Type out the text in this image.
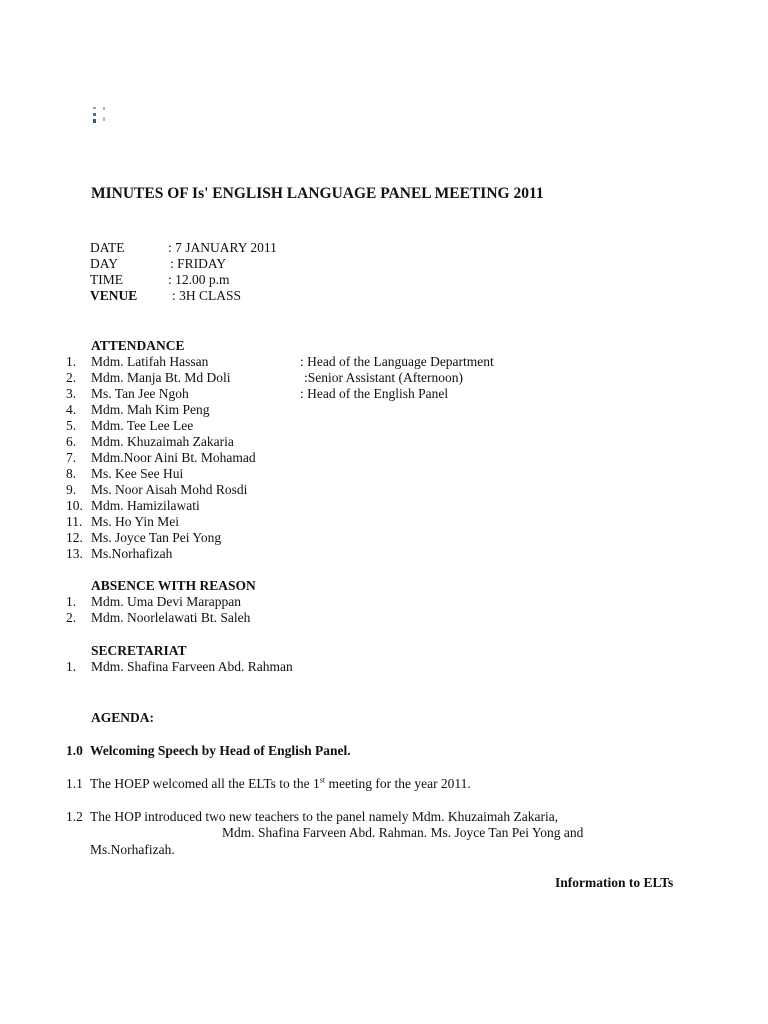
MINUTES OF Is' ENGLISH LANGUAGE PANEL MEETING 2011
DATE	: 7 JANUARY 2011
DAY	: FRIDAY
TIME	: 12.00 p.m
VENUE	: 3H CLASS
ATTENDANCE
1. Mdm. Latifah Hassan	: Head of the Language Department
2. Mdm. Manja Bt. Md Doli	:Senior Assistant (Afternoon)
3. Ms. Tan Jee Ngoh	: Head of the English Panel
4. Mdm. Mah Kim Peng
5. Mdm. Tee Lee Lee
6. Mdm. Khuzaimah Zakaria
7. Mdm.Noor Aini Bt. Mohamad
8. Ms. Kee See Hui
9. Ms. Noor Aisah Mohd Rosdi
10. Mdm. Hamizilawati
11. Ms. Ho Yin Mei
12. Ms. Joyce Tan Pei Yong
13. Ms.Norhafizah
ABSENCE WITH REASON
1. Mdm. Uma Devi Marappan
2. Mdm. Noorlelawati Bt. Saleh
SECRETARIAT
1. Mdm. Shafina Farveen Abd. Rahman
AGENDA:
1.0 Welcoming Speech by Head of English Panel.
1.1 The HOEP welcomed all the ELTs to the 1st meeting for the year 2011.
1.2 The HOP introduced two new teachers to the panel namely Mdm. Khuzaimah Zakaria,
Mdm. Shafina Farveen Abd. Rahman. Ms. Joyce Tan Pei Yong and
Ms.Norhafizah.
Information to ELTs
